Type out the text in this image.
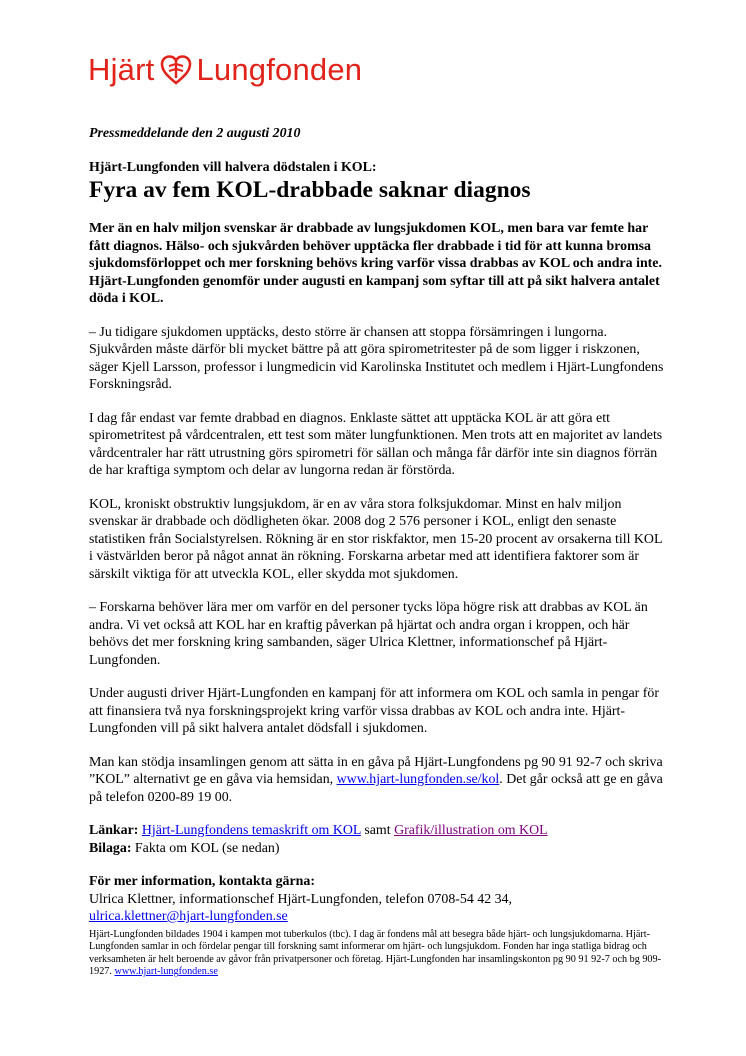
Hjärt Lungfonden
Pressmeddelande den 2 augusti 2010
Hjärt-Lungfonden vill halvera dödstalen i KOL:
Fyra av fem KOL-drabbade saknar diagnos
Mer än en halv miljon svenskar är drabbade av lungsjukdomen KOL, men bara var femte har fått diagnos. Hälso- och sjukvården behöver upptäcka fler drabbade i tid för att kunna bromsa sjukdomsförloppet och mer forskning behövs kring varför vissa drabbas av KOL och andra inte. Hjärt-Lungfonden genomför under augusti en kampanj som syftar till att på sikt halvera antalet döda i KOL.

– Ju tidigare sjukdomen upptäcks, desto större är chansen att stoppa försämringen i lungorna. Sjukvården måste därför bli mycket bättre på att göra spirometritester på de som ligger i riskzonen, säger Kjell Larsson, professor i lungmedicin vid Karolinska Institutet och medlem i Hjärt-Lungfondens Forskningsråd.

I dag får endast var femte drabbad en diagnos. Enklaste sättet att upptäcka KOL är att göra ett spirometritest på vårdcentralen, ett test som mäter lungfunktionen. Men trots att en majoritet av landets vårdcentraler har rätt utrustning görs spirometri för sällan och många får därför inte sin diagnos förrän de har kraftiga symptom och delar av lungorna redan är förstörda.

KOL, kroniskt obstruktiv lungsjukdom, är en av våra stora folksjukdomar. Minst en halv miljon svenskar är drabbade och dödligheten ökar. 2008 dog 2 576 personer i KOL, enligt den senaste statistiken från Socialstyrelsen. Rökning är en stor riskfaktor, men 15-20 procent av orsakerna till KOL i västvärlden beror på något annat än rökning. Forskarna arbetar med att identifiera faktorer som är särskilt viktiga för att utveckla KOL, eller skydda mot sjukdomen.

– Forskarna behöver lära mer om varför en del personer tycks löpa högre risk att drabbas av KOL än andra. Vi vet också att KOL har en kraftig påverkan på hjärtat och andra organ i kroppen, och här behövs det mer forskning kring sambanden, säger Ulrica Klettner, informationschef på Hjärt-Lungfonden.

Under augusti driver Hjärt-Lungfonden en kampanj för att informera om KOL och samla in pengar för att finansiera två nya forskningsprojekt kring varför vissa drabbas av KOL och andra inte. Hjärt-Lungfonden vill på sikt halvera antalet dödsfall i sjukdomen.

Man kan stödja insamlingen genom att sätta in en gåva på Hjärt-Lungfondens pg 90 91 92-7 och skriva ”KOL” alternativt ge en gåva via hemsidan, www.hjart-lungfonden.se/kol. Det går också att ge en gåva på telefon 0200-89 19 00.

Länkar: Hjärt-Lungfondens temaskrift om KOL samt Grafik/illustration om KOL
Bilaga: Fakta om KOL (se nedan)
För mer information, kontakta gärna:
Ulrica Klettner, informationschef Hjärt-Lungfonden, telefon 0708-54 42 34,
ulrica.klettner@hjart-lungfonden.se
Hjärt-Lungfonden bildades 1904 i kampen mot tuberkulos (tbc). I dag är fondens mål att besegra både hjärt- och lungsjukdomarna. Hjärt-Lungfonden samlar in och fördelar pengar till forskning samt informerar om hjärt- och lungsjukdom. Fonden har inga statliga bidrag och verksamheten är helt beroende av gåvor från privatpersoner och företag. Hjärt-Lungfonden har insamlingskonton pg 90 91 92-7 och bg 909-1927. www.hjart-lungfonden.se
